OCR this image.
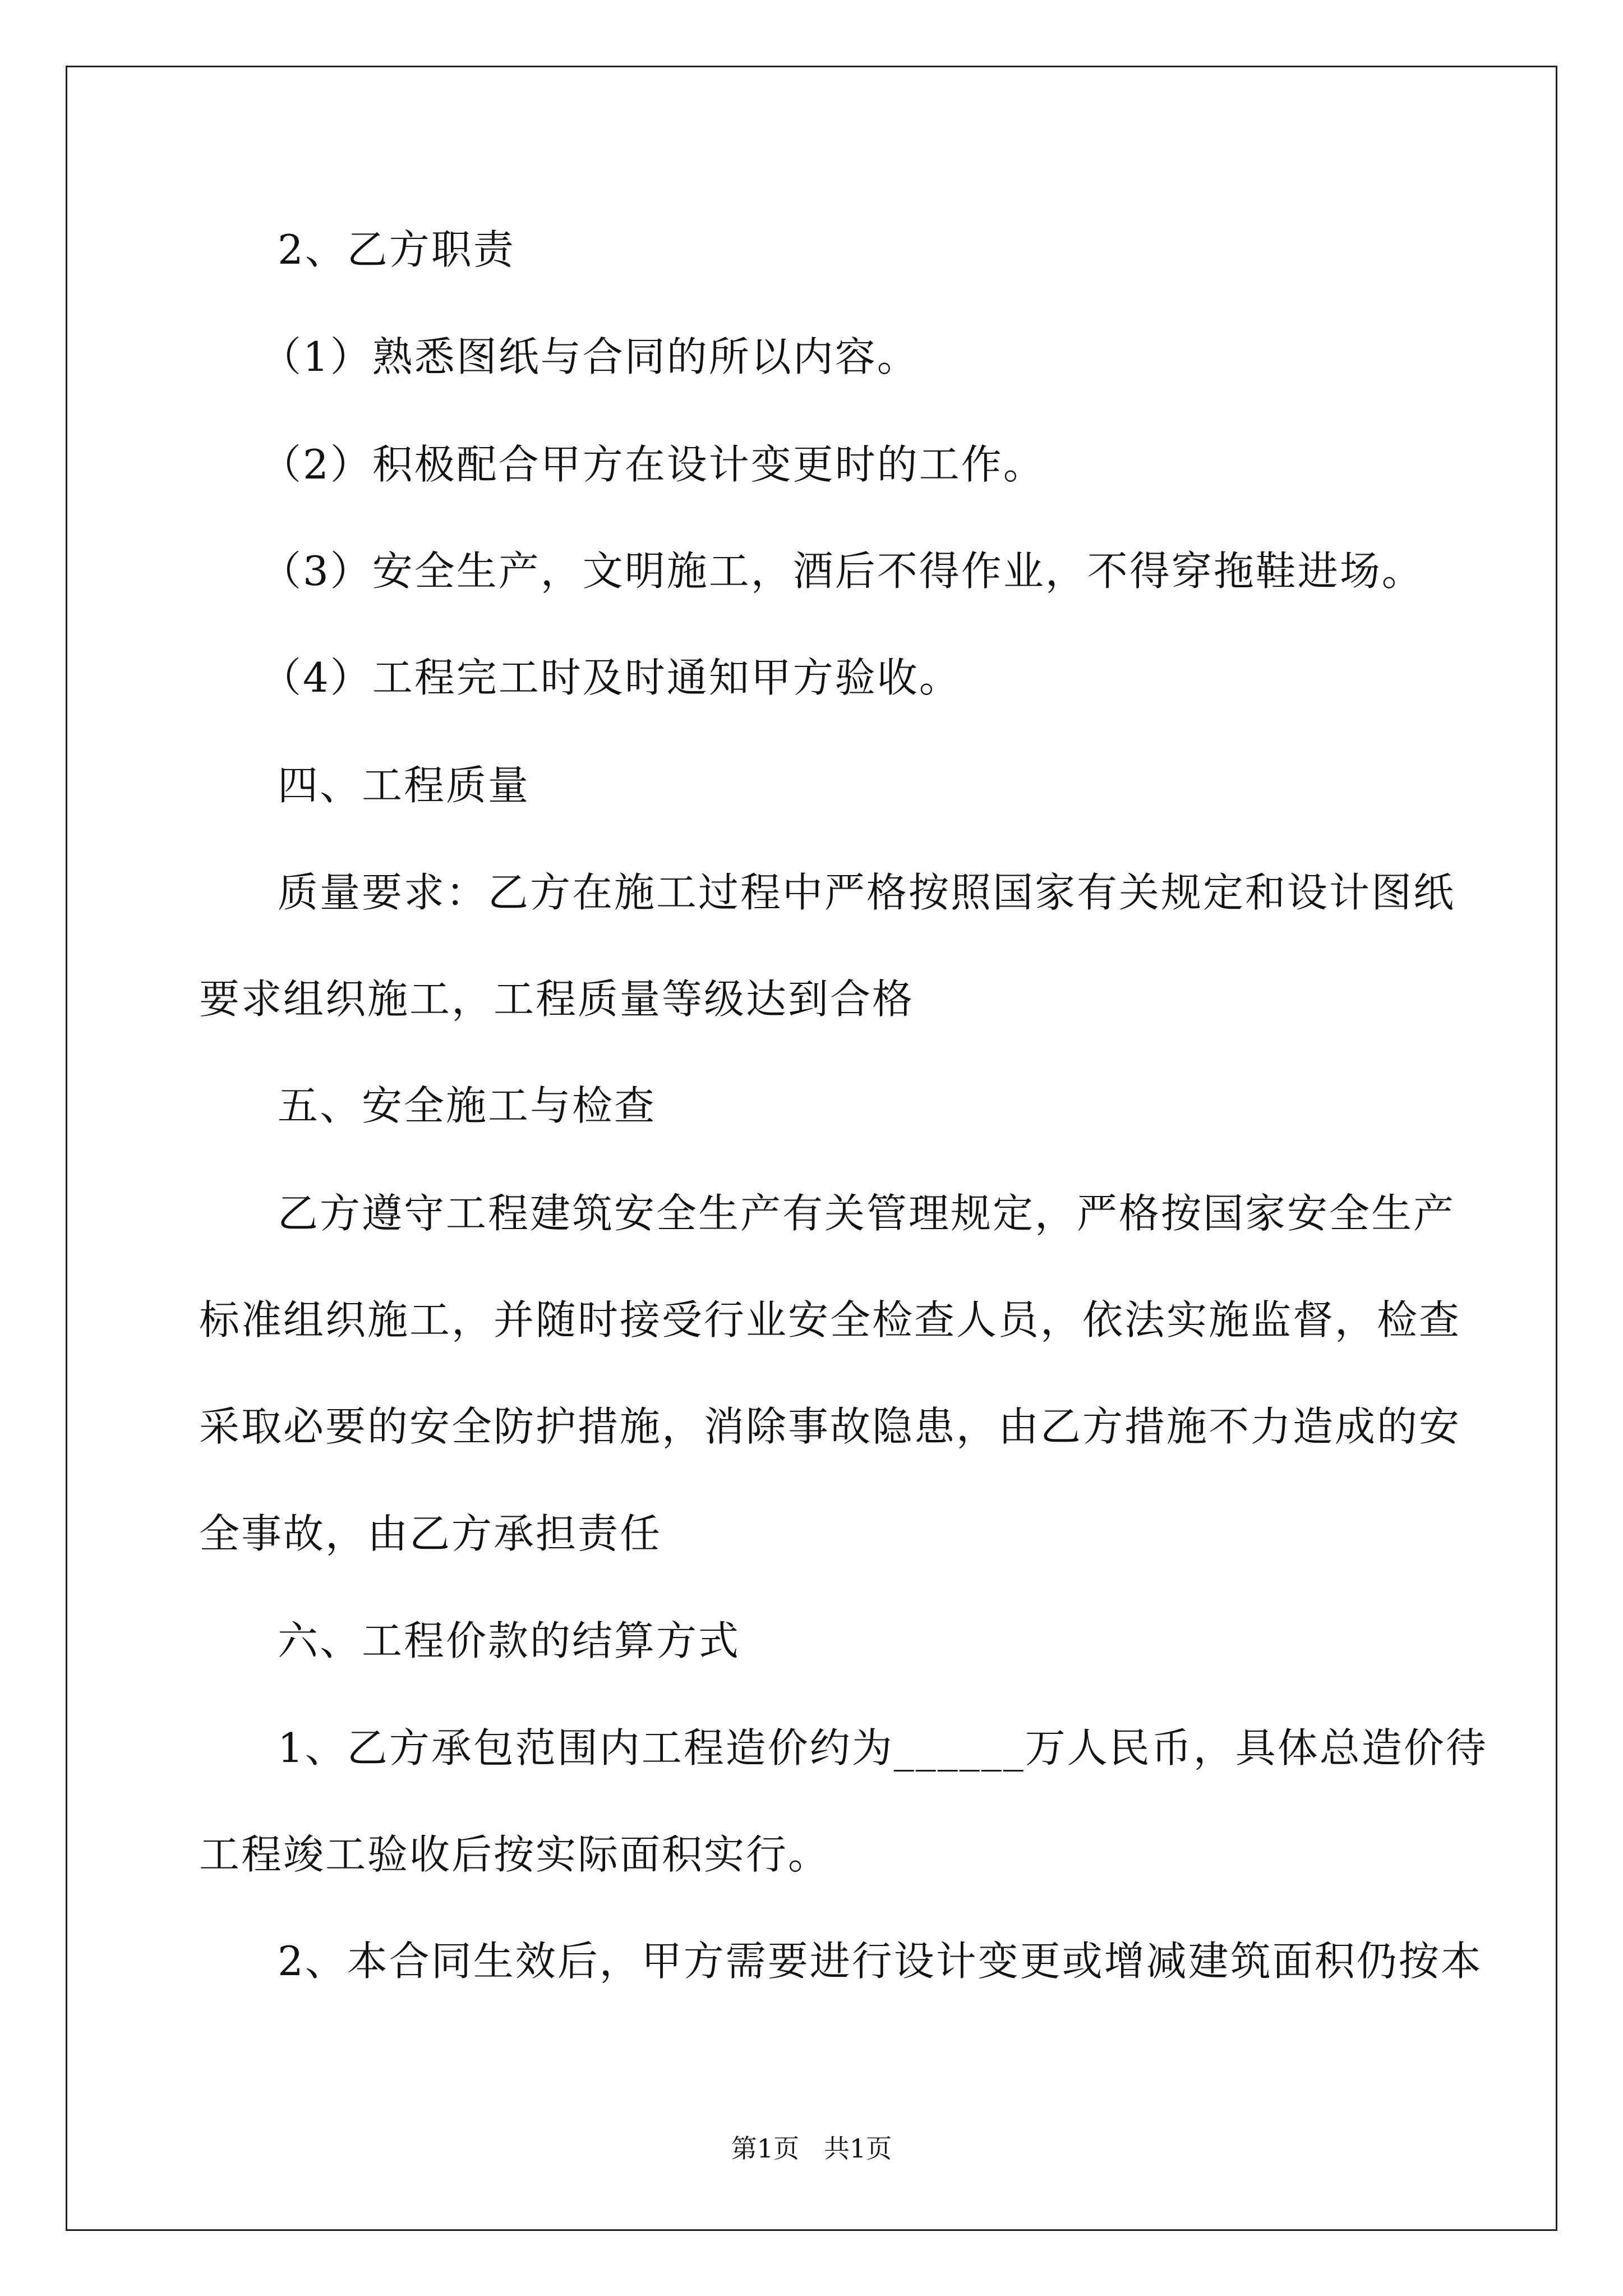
2、乙方职责
（1）熟悉图纸与合同的所以内容。
（2）积极配合甲方在设计变更时的工作。
（3）安全生产，文明施工，酒后不得作业，不得穿拖鞋进场。
（4）工程完工时及时通知甲方验收。
四、工程质量
质量要求：乙方在施工过程中严格按照国家有关规定和设计图纸
要求组织施工，工程质量等级达到合格
五、安全施工与检查
乙方遵守工程建筑安全生产有关管理规定，严格按国家安全生产
标准组织施工，并随时接受行业安全检查人员，依法实施监督，检查
采取必要的安全防护措施，消除事故隐患，由乙方措施不力造成的安
全事故，由乙方承担责任
六、工程价款的结算方式
1、乙方承包范围内工程造价约为______万人民币，具体总造价待
工程竣工验收后按实际面积实行。
2、本合同生效后，甲方需要进行设计变更或增减建筑面积仍按本
第1页   共1页
